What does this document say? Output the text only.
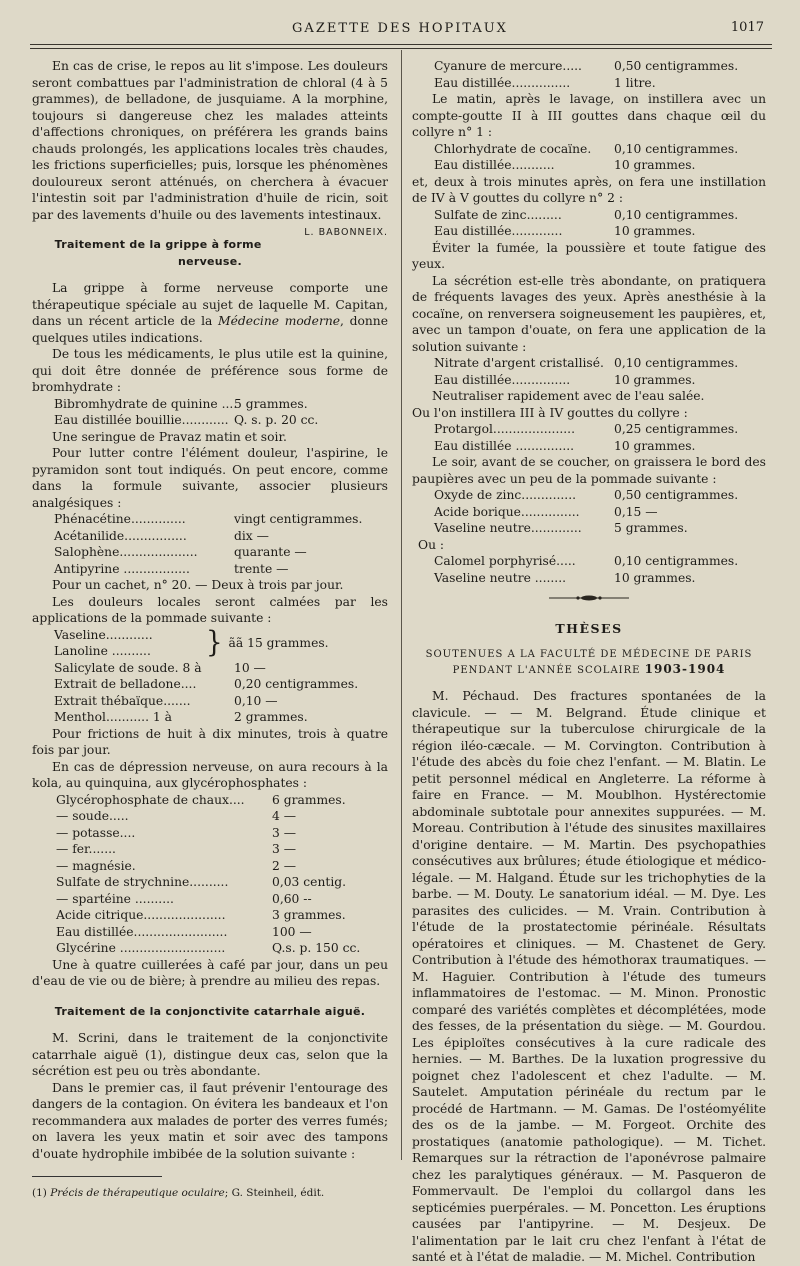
GAZETTE DES HOPITAUX	1017

En cas de crise, le repos au lit s'impose. Les douleurs seront combattues par l'administration de chloral (4 à 5 grammes), de belladone, de jusquiame. A la morphine, toujours si dangereuse chez les malades atteints d'affections chroniques, on préférera les grands bains chauds prolongés, les applications locales très chaudes, les frictions superficielles; puis, lorsque les phénomènes douloureux seront atténués, on cherchera à évacuer l'intestin soit par l'administration d'huile de ricin, soit par des lavements d'huile ou des lavements intestinaux.
L. BABONNEIX.

Traitement de la grippe à forme nerveuse.

La grippe à forme nerveuse comporte une thérapeutique spéciale au sujet de laquelle M. Capitan, dans un récent article de la Médecine moderne, donne quelques utiles indications.

De tous les médicaments, le plus utile est la quinine, qui doit être donnée de préférence sous forme de bromhydrate :

Bibromhydrate de quinine ....
5 grammes.
Eau distillée bouillie............ Q. s. p. 20 cc.

Une seringue de Pravaz matin et soir.

Pour lutter contre l'élément douleur, l'aspirine, le pyramidon sont tout indiqués. On peut encore, comme dans la formule suivante, associer plusieurs analgésiques :

Phénacétine..............	vingt centigrammes.
Acétanilide................	dix —
Salophène....................	quarante —
Antipyrine .................	trente —

Pour un cachet, n° 20. — Deux à trois par jour.

Les douleurs locales seront calmées par les applications de la pommade suivante :

Vaseline............
Lanoline ..........	} ãã 15 grammes.
Salicylate de soude. 8 à	10 —
Extrait de belladone....	0,20 centigrammes.
Extrait thébaïque.......	0,10 —
Menthol........... 1 à	2 grammes.

Pour frictions de huit à dix minutes, trois à quatre fois par jour.

En cas de dépression nerveuse, on aura recours à la kola, au quinquina, aux glycérophosphates :

Glycérophosphate de chaux....	6 grammes.
— soude.....	4 —
— potasse....	3 —
— fer.......	3 —
— magnésie.	2 —
Sulfate de strychnine..........	0,03 centig.
— spartéine ..........	0,60 --
Acide citrique.....................	3 grammes.
Eau distillée........................	100 —
Glycérine ...........................	Q.s. p. 150 cc.

Une à quatre cuillerées à café par jour, dans un peu d'eau de vie ou de bière; à prendre au milieu des repas.

Traitement de la conjonctivite catarrhale aiguë.

M. Scrini, dans le traitement de la conjonctivite catarrhale aiguë (1), distingue deux cas, selon que la sécrétion est peu ou très abondante.

Dans le premier cas, il faut prévenir l'entourage des dangers de la contagion. On évitera les bandeaux et l'on recommandera aux malades de porter des verres fumés; on lavera les yeux matin et soir avec des tampons d'ouate hydrophile imbibée de la solution suivante :

(1) Précis de thérapeutique oculaire; G. Steinheil, édit.

Cyanure de mercure.....	0,50 centigrammes.
Eau distillée...............	1 litre.

Le matin, après le lavage, on instillera avec un compte-goutte II à III gouttes dans chaque œil du collyre n° 1 :

Chlorhydrate de cocaïne.	0,10 centigrammes.
Eau distillée...........	10 grammes.

et, deux à trois minutes après, on fera une instillation de IV à V gouttes du collyre n° 2 :

Sulfate de zinc.........	0,10 centigrammes.
Eau distillée.............	10 grammes.

Éviter la fumée, la poussière et toute fatigue des yeux.

La sécrétion est-elle très abondante, on pratiquera de fréquents lavages des yeux. Après anesthésie à la cocaïne, on renversera soigneusement les paupières, et, avec un tampon d'ouate, on fera une application de la solution suivante :

Nitrate d'argent cristallisé. 0,10 centigrammes.
Eau distillée...............	10 grammes.

Neutraliser rapidement avec de l'eau salée.

Ou l'on instillera III à IV gouttes du collyre :

Protargol.....................	0,25 centigrammes.
Eau distillée ...............	10 grammes.

Le soir, avant de se coucher, on graissera le bord des paupières avec un peu de la pommade suivante :

Oxyde de zinc..............	0,50 centigrammes.
Acide borique...............	0,15 —
Vaseline neutre.............	5 grammes.

Ou :

Calomel porphyrisé.....	0,10 centigrammes.
Vaseline neutre ........	10 grammes.
THÈSES
SOUTENUES A LA FACULTÉ DE MÉDECINE DE PARIS
PENDANT L'ANNÉE SCOLAIRE 1903-1904

M. Péchaud. Des fractures spontanées de la clavicule. — — M. Belgrand. Étude clinique et thérapeutique sur la tuberculose chirurgicale de la région iléo-cæcale. — M. Corvington. Contribution à l'étude des abcès du foie chez l'enfant. — M. Blatin. Le petit personnel médical en Angleterre. La réforme à faire en France. — M. Moublhon. Hystérectomie abdominale subtotale pour annexites suppurées. — M. Moreau. Contribution à l'étude des sinusites maxillaires d'origine dentaire. — M. Martin. Des psychopathies consécutives aux brûlures; étude étiologique et médico-légale. — M. Halgand. Étude sur les trichophyties de la barbe. — M. Douty. Le sanatorium idéal. — M. Dye. Les parasites des culicides. — M. Vrain. Contribution à l'étude de la prostatectomie périnéale. Résultats opératoires et cliniques. — M. Chastenet de Gery. Contribution à l'étude des hémothorax traumatiques. — M. Haguier. Contribution à l'étude des tumeurs inflammatoires de l'estomac. — M. Minon. Pronostic comparé des variétés complètes et décomplétées, mode des fesses, de la présentation du siège. — M. Gourdou. Les épiploïtes consécutives à la cure radicale des hernies. — M. Barthes. De la luxation progressive du poignet chez l'adolescent et chez l'adulte. — M. Sautelet. Amputation périnéale du rectum par le procédé de Hartmann. — M. Gamas. De l'ostéomyélite des os de la jambe. — M. Forgeot. Orchite des prostatiques (anatomie pathologique). — M. Tichet. Remarques sur la rétraction de l'aponévrose palmaire chez les paralytiques généraux. — M. Pasqueron de Fommervault. De l'emploi du collargol dans les septicémies puerpérales. — M. Poncetton. Les éruptions causées par l'antipyrine. — M. Desjeux. De l'alimentation par le lait cru chez l'enfant à l'état de santé et à l'état de maladie. — M. Michel. Contribution
